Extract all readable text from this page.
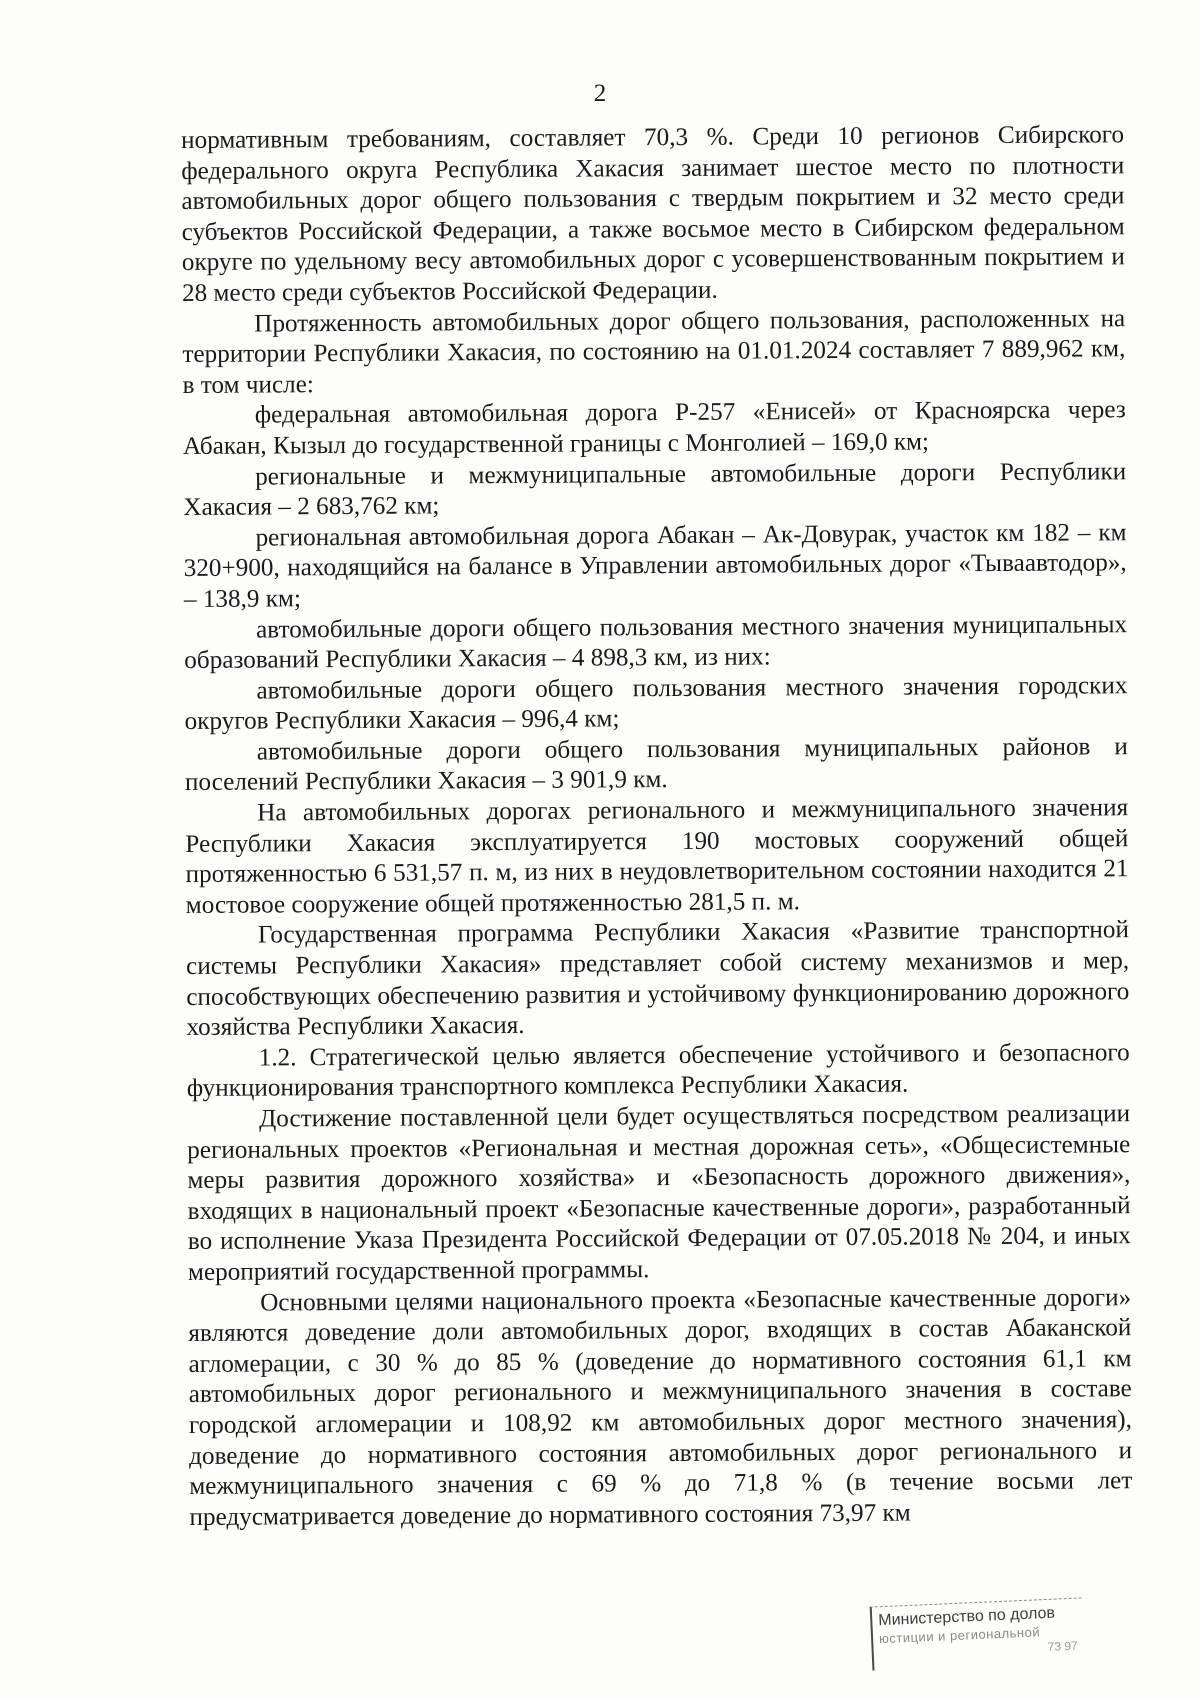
2

нормативным требованиям, составляет 70,3 %. Среди 10 регионов Сибирского федерального округа Республика Хакасия занимает шестое место по плотности автомобильных дорог общего пользования с твердым покрытием и 32 место среди субъектов Российской Федерации, а также восьмое место в Сибирском федеральном округе по удельному весу автомобильных дорог с усовершенствованным покрытием и 28 место среди субъектов Российской Федерации.

Протяженность автомобильных дорог общего пользования, расположенных на территории Республики Хакасия, по состоянию на 01.01.2024 составляет 7 889,962 км, в том числе:

федеральная автомобильная дорога Р-257 «Енисей» от Красноярска через Абакан, Кызыл до государственной границы с Монголией – 169,0 км;

региональные и межмуниципальные автомобильные дороги Республики Хакасия – 2 683,762 км;

региональная автомобильная дорога Абакан – Ак-Довурак, участок км 182 – км 320+900, находящийся на балансе в Управлении автомобильных дорог «Тываавтодор», – 138,9 км;

автомобильные дороги общего пользования местного значения муниципальных образований Республики Хакасия – 4 898,3 км, из них:

автомобильные дороги общего пользования местного значения городских округов Республики Хакасия – 996,4 км;

автомобильные дороги общего пользования муниципальных районов и поселений Республики Хакасия – 3 901,9 км.

На автомобильных дорогах регионального и межмуниципального значения Республики Хакасия эксплуатируется 190 мостовых сооружений общей протяженностью 6 531,57 п. м, из них в неудовлетворительном состоянии находится 21 мостовое сооружение общей протяженностью 281,5 п. м.

Государственная программа Республики Хакасия «Развитие транспортной системы Республики Хакасия» представляет собой систему механизмов и мер, способствующих обеспечению развития и устойчивому функционированию дорожного хозяйства Республики Хакасия.

1.2. Стратегической целью является обеспечение устойчивого и безопасного функционирования транспортного комплекса Республики Хакасия.

Достижение поставленной цели будет осуществляться посредством реализации региональных проектов «Региональная и местная дорожная сеть», «Общесистемные меры развития дорожного хозяйства» и «Безопасность дорожного движения», входящих в национальный проект «Безопасные качественные дороги», разработанный во исполнение Указа Президента Российской Федерации от 07.05.2018 № 204, и иных мероприятий государственной программы.

Основными целями национального проекта «Безопасные качественные дороги» являются доведение доли автомобильных дорог, входящих в состав Абаканской агломерации, с 30 % до 85 % (доведение до нормативного состояния 61,1 км автомобильных дорог регионального и межмуниципального значения в составе городской агломерации и 108,92 км автомобильных дорог местного значения), доведение до нормативного состояния автомобильных дорог регионального и межмуниципального значения с 69 % до 71,8 % (в течение восьми лет предусматривается доведение до нормативного состояния 73,97 км

Министерство по долов
юстиции и региональной
73 97
